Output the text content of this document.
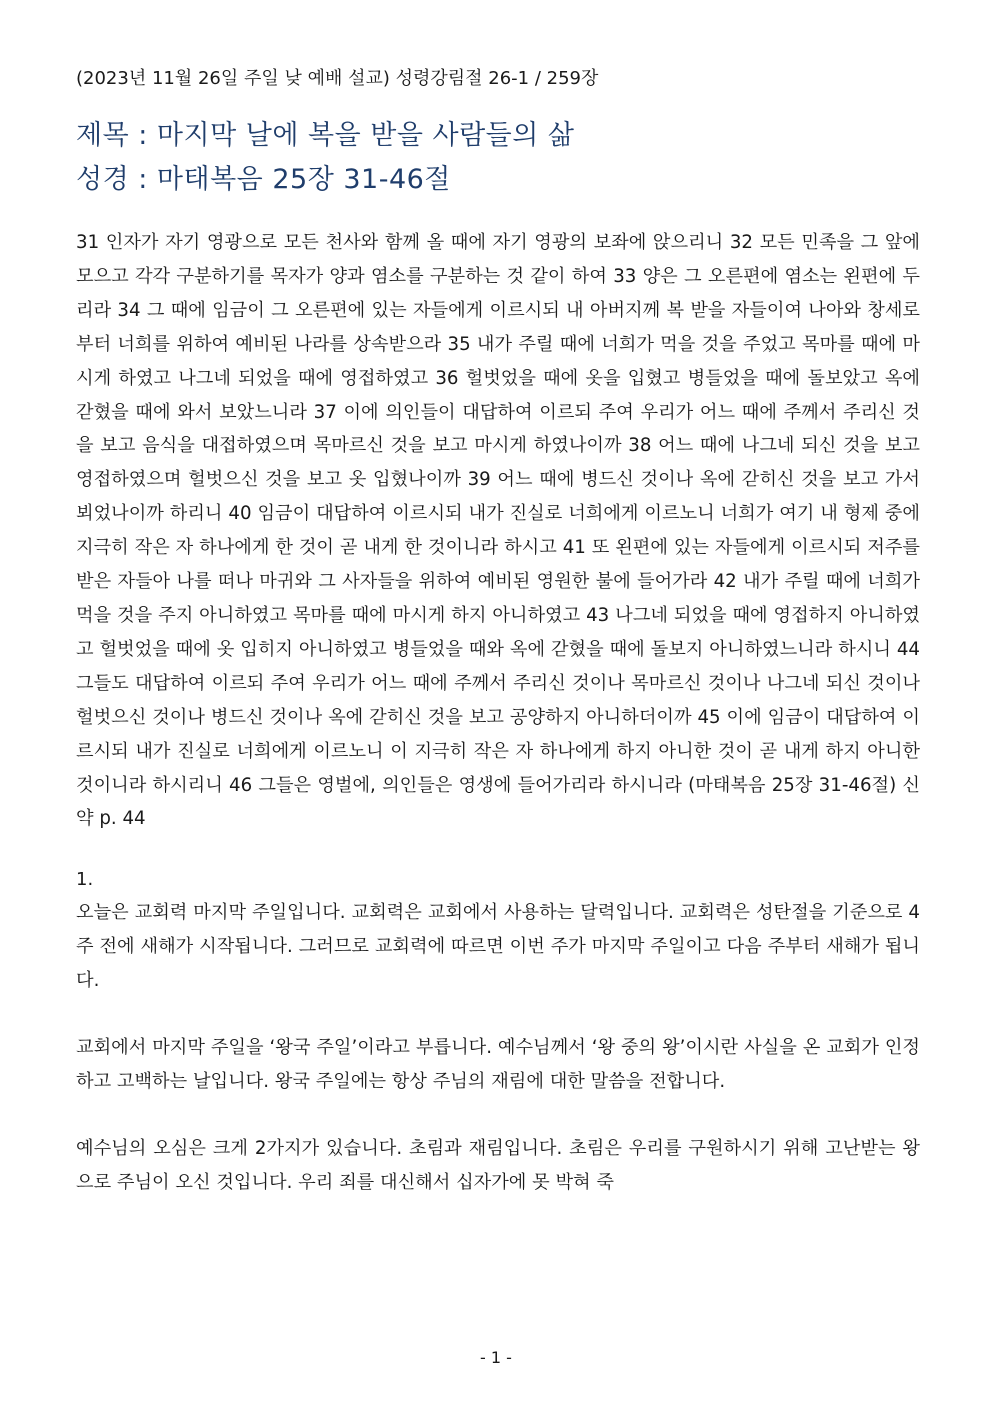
(2023년 11월 26일 주일 낮 예배 설교) 성령강림절 26-1 / 259장

제목 : 마지막 날에 복을 받을 사람들의 삶

성경 : 마태복음 25장 31-46절

31 인자가 자기 영광으로 모든 천사와 함께 올 때에 자기 영광의 보좌에 앉으리니 32 모든 민족을 그 앞에 모으고 각각 구분하기를 목자가 양과 염소를 구분하는 것 같이 하여 33 양은 그 오른편에 염소는 왼편에 두리라 34 그 때에 임금이 그 오른편에 있는 자들에게 이르시되 내 아버지께 복 받을 자들이여 나아와 창세로부터 너희를 위하여 예비된 나라를 상속받으라 35 내가 주릴 때에 너희가 먹을 것을 주었고 목마를 때에 마시게 하였고 나그네 되었을 때에 영접하였고 36 헐벗었을 때에 옷을 입혔고 병들었을 때에 돌보았고 옥에 갇혔을 때에 와서 보았느니라 37 이에 의인들이 대답하여 이르되 주여 우리가 어느 때에 주께서 주리신 것을 보고 음식을 대접하였으며 목마르신 것을 보고 마시게 하였나이까 38 어느 때에 나그네 되신 것을 보고 영접하였으며 헐벗으신 것을 보고 옷 입혔나이까 39 어느 때에 병드신 것이나 옥에 갇히신 것을 보고 가서 뵈었나이까 하리니 40 임금이 대답하여 이르시되 내가 진실로 너희에게 이르노니 너희가 여기 내 형제 중에 지극히 작은 자 하나에게 한 것이 곧 내게 한 것이니라 하시고 41 또 왼편에 있는 자들에게 이르시되 저주를 받은 자들아 나를 떠나 마귀와 그 사자들을 위하여 예비된 영원한 불에 들어가라 42 내가 주릴 때에 너희가 먹을 것을 주지 아니하였고 목마를 때에 마시게 하지 아니하였고 43 나그네 되었을 때에 영접하지 아니하였고 헐벗었을 때에 옷 입히지 아니하였고 병들었을 때와 옥에 갇혔을 때에 돌보지 아니하였느니라 하시니 44 그들도 대답하여 이르되 주여 우리가 어느 때에 주께서 주리신 것이나 목마르신 것이나 나그네 되신 것이나 헐벗으신 것이나 병드신 것이나 옥에 갇히신 것을 보고 공양하지 아니하더이까 45 이에 임금이 대답하여 이르시되 내가 진실로 너희에게 이르노니 이 지극히 작은 자 하나에게 하지 아니한 것이 곧 내게 하지 아니한 것이니라 하시리니 46 그들은 영벌에, 의인들은 영생에 들어가리라 하시니라 (마태복음 25장 31-46절) 신약 p. 44

1.

오늘은 교회력 마지막 주일입니다. 교회력은 교회에서 사용하는 달력입니다. 교회력은 성탄절을 기준으로 4주 전에 새해가 시작됩니다. 그러므로 교회력에 따르면 이번 주가 마지막 주일이고 다음 주부터 새해가 됩니다.

교회에서 마지막 주일을 ‘왕국 주일’이라고 부릅니다. 예수님께서 ‘왕 중의 왕’이시란 사실을 온 교회가 인정하고 고백하는 날입니다. 왕국 주일에는 항상 주님의 재림에 대한 말씀을 전합니다.

예수님의 오심은 크게 2가지가 있습니다. 초림과 재림입니다. 초림은 우리를 구원하시기 위해 고난받는 왕으로 주님이 오신 것입니다. 우리 죄를 대신해서 십자가에 못 박혀 죽

- 1 -
